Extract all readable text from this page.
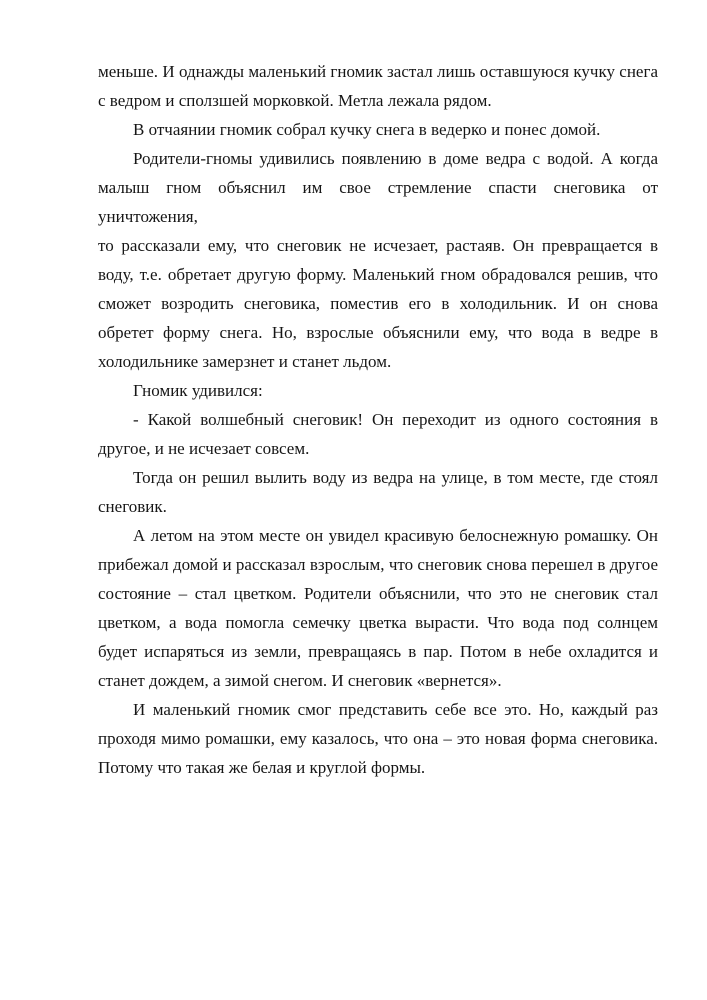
меньше. И однажды маленький гномик застал лишь оставшуюся кучку снега
с ведром и сползшей морковкой. Метла лежала рядом.
В отчаянии гномик собрал кучку снега в ведерко и понес домой.
Родители-гномы удивились появлению в доме ведра с водой. А когда
малыш гном объяснил им свое стремление спасти снеговика от уничтожения,
то рассказали ему, что снеговик не исчезает, растаяв. Он превращается в
воду, т.е. обретает другую форму. Маленький гном обрадовался решив, что
сможет возродить снеговика, поместив его в холодильник. И он снова
обретет форму снега. Но, взрослые объяснили ему, что вода в ведре в
холодильнике замерзнет и станет льдом.
Гномик удивился:
- Какой волшебный снеговик! Он переходит из одного состояния в
другое, и не исчезает совсем.
Тогда он решил вылить воду из ведра на улице, в том месте, где стоял
снеговик.
А летом на этом месте он увидел красивую белоснежную ромашку. Он
прибежал домой и рассказал взрослым, что снеговик снова перешел в другое
состояние – стал цветком. Родители объяснили, что это не снеговик стал
цветком, а вода помогла семечку цветка вырасти. Что вода под солнцем
будет испаряться из земли, превращаясь в пар. Потом в небе охладится и
станет дождем, а зимой снегом. И снеговик «вернется».
И маленький гномик смог представить себе все это. Но, каждый раз
проходя мимо ромашки, ему казалось, что она – это новая форма снеговика.
Потому что такая же белая и круглой формы.
